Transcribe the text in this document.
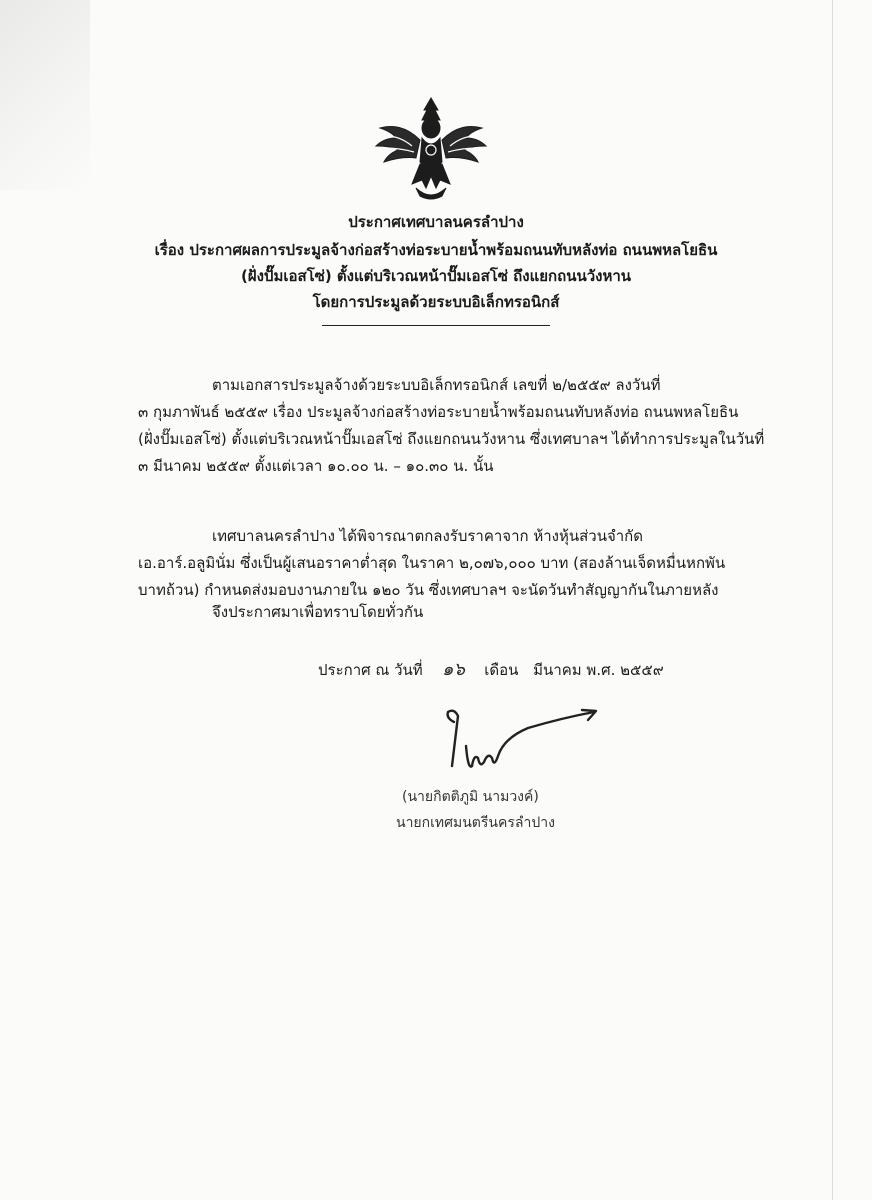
ประกาศเทศบาลนครลำปาง
เรื่อง ประกาศผลการประมูลจ้างก่อสร้างท่อระบายน้ำพร้อมถนนทับหลังท่อ ถนนพหลโยธิน
(ฝั่งปั๊มเอสโซ่) ตั้งแต่บริเวณหน้าปั๊มเอสโซ่ ถึงแยกถนนวังหาน
โดยการประมูลด้วยระบบอิเล็กทรอนิกส์
ตามเอกสารประมูลจ้างด้วยระบบอิเล็กทรอนิกส์ เลขที่ ๒/๒๕๕๙ ลงวันที่
๓ กุมภาพันธ์ ๒๕๕๙ เรื่อง ประมูลจ้างก่อสร้างท่อระบายน้ำพร้อมถนนทับหลังท่อ ถนนพหลโยธิน
(ฝั่งปั๊มเอสโซ่) ตั้งแต่บริเวณหน้าปั๊มเอสโซ่ ถึงแยกถนนวังหาน ซึ่งเทศบาลฯ ได้ทำการประมูลในวันที่
๓ มีนาคม ๒๕๕๙ ตั้งแต่เวลา ๑๐.๐๐ น. – ๑๐.๓๐ น. นั้น
เทศบาลนครลำปาง ได้พิจารณาตกลงรับราคาจาก ห้างหุ้นส่วนจำกัด
เอ.อาร์.อลูมินั่ม ซึ่งเป็นผู้เสนอราคาต่ำสุด ในราคา ๒,๐๗๖,๐๐๐ บาท (สองล้านเจ็ดหมื่นหกพัน
บาทถ้วน) กำหนดส่งมอบงานภายใน ๑๒๐ วัน ซึ่งเทศบาลฯ จะนัดวันทำสัญญากันในภายหลัง
จึงประกาศมาเพื่อทราบโดยทั่วกัน
ประกาศ ณ วันที่ ๑๖ เดือน มีนาคม พ.ศ. ๒๕๕๙
(นายกิตติภูมิ นามวงค์)
นายกเทศมนตรีนครลำปาง
